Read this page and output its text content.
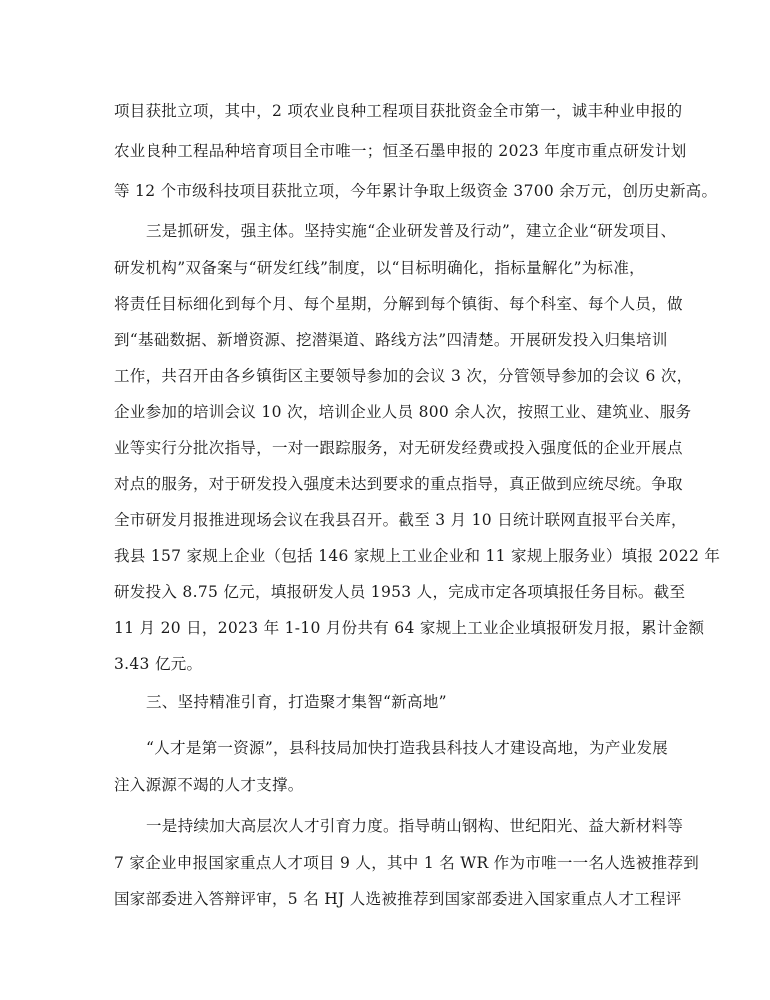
项目获批立项，其中，2 项农业良种工程项目获批资金全市第一，诚丰种业申报的
农业良种工程品种培育项目全市唯一；恒圣石墨申报的 2023 年度市重点研发计划
等 12 个市级科技项目获批立项，今年累计争取上级资金 3700 余万元，创历史新高。
三是抓研发，强主体。坚持实施“企业研发普及行动”，建立企业“研发项目、
研发机构”双备案与“研发红线”制度，以“目标明确化，指标量解化”为标准，
将责任目标细化到每个月、每个星期，分解到每个镇街、每个科室、每个人员，做
到“基础数据、新增资源、挖潜渠道、路线方法”四清楚。开展研发投入归集培训
工作，共召开由各乡镇街区主要领导参加的会议 3 次，分管领导参加的会议 6 次，
企业参加的培训会议 10 次，培训企业人员 800 余人次，按照工业、建筑业、服务
业等实行分批次指导，一对一跟踪服务，对无研发经费或投入强度低的企业开展点
对点的服务，对于研发投入强度未达到要求的重点指导，真正做到应统尽统。争取
全市研发月报推进现场会议在我县召开。截至 3 月 10 日统计联网直报平台关库，
我县 157 家规上企业（包括 146 家规上工业企业和 11 家规上服务业）填报 2022 年
研发投入 8.75 亿元，填报研发人员 1953 人，完成市定各项填报任务目标。截至
11 月 20 日，2023 年 1-10 月份共有 64 家规上工业企业填报研发月报，累计金额
3.43 亿元。
三、坚持精准引育，打造聚才集智“新高地”
“人才是第一资源”，县科技局加快打造我县科技人才建设高地，为产业发展
注入源源不竭的人才支撑。
一是持续加大高层次人才引育力度。指导萌山钢构、世纪阳光、益大新材料等
7 家企业申报国家重点人才项目 9 人，其中 1 名 WR 作为市唯一一名人选被推荐到
国家部委进入答辩评审，5 名 HJ 人选被推荐到国家部委进入国家重点人才工程评
